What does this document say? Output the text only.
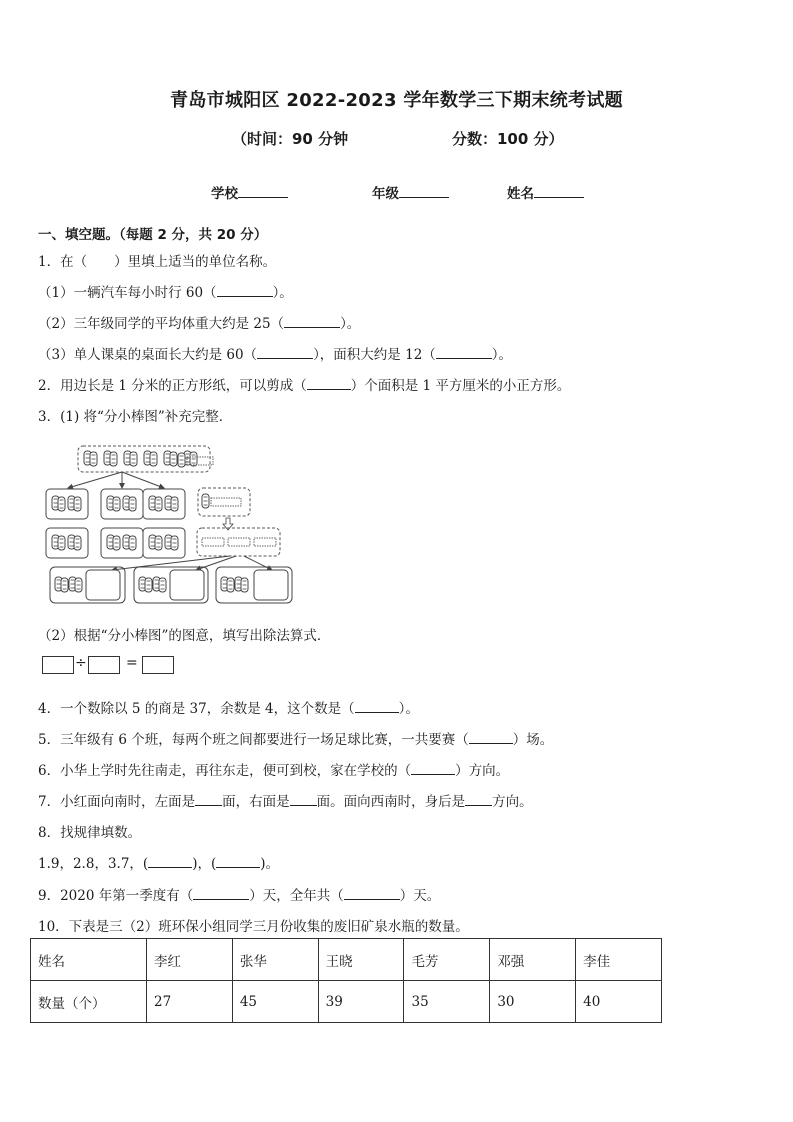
青岛市城阳区 2022-2023 学年数学三下期末统考试题
（时间：90 分钟	分数：100 分）
学校	年级	姓名
一、填空题。（每题 2 分，共 20 分）
1．在（　　）里填上适当的单位名称。
（1）一辆汽车每小时行 60（	）。
（2）三年级同学的平均体重大约是 25（	）。
（3）单人课桌的桌面长大约是 60（	），面积大约是 12（	）。
2．用边长是 1 分米的正方形纸，可以剪成（	）个面积是 1 平方厘米的小正方形。
3．(1) 将“分小棒图”补充完整．
（2）根据“分小棒图”的图意，填写出除法算式．
÷	=
4．一个数除以 5 的商是 37，余数是 4，这个数是（	）。
5．三年级有 6 个班，每两个班之间都要进行一场足球比赛，一共要赛（	）场。
6．小华上学时先往南走，再往东走，便可到校，家在学校的（	）方向。
7．小红面向南时，左面是 面，右面是 面。面向西南时，身后是 方向。
8．找规律填数。
1.9，2.8，3.7，(	)，(	)。
9．2020 年第一季度有（	）天，全年共（	）天。
10．下表是三（2）班环保小组同学三月份收集的废旧矿泉水瓶的数量。
姓名	李红	张华	王晓	毛芳	邓强	李佳
数量（个）	27	45	39	35	30	40
